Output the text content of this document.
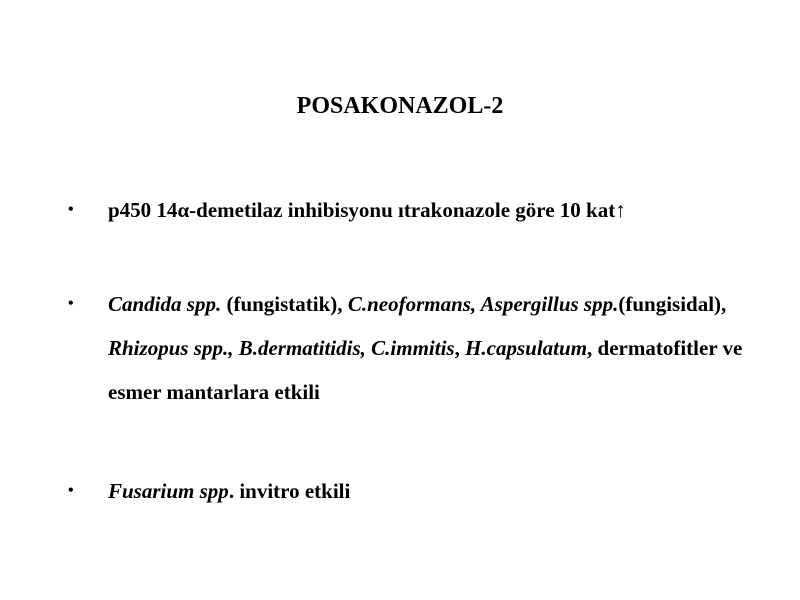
POSAKONAZOL-2
• p450 14α-demetilaz inhibisyonu ıtrakonazole göre 10 kat↑
• Candida spp. (fungistatik), C.neoformans, Aspergillus spp.(fungisidal), Rhizopus spp., B.dermatitidis, C.immitis, H.capsulatum, dermatofitler ve esmer mantarlara etkili
• Fusarium spp. invitro etkili
